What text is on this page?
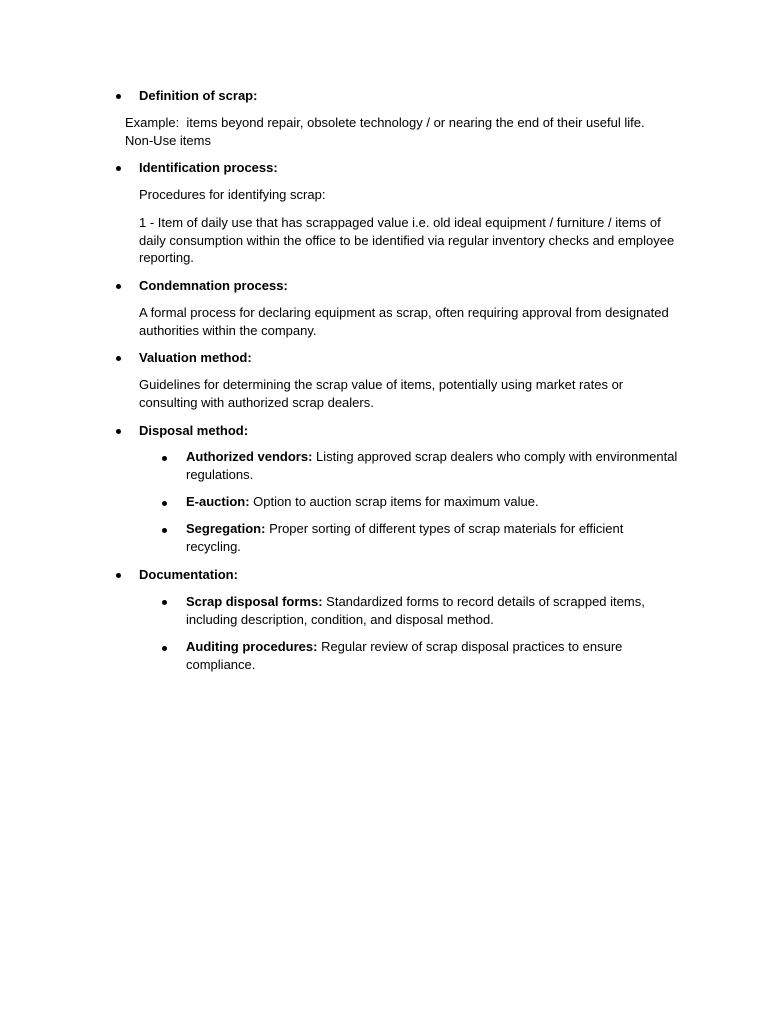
Definition of scrap:
Example:  items beyond repair, obsolete technology / or nearing the end of their useful life. Non-Use items
Identification process:
Procedures for identifying scrap:
1 - Item of daily use that has scrappaged value i.e. old ideal equipment / furniture / items of daily consumption within the office to be identified via regular inventory checks and employee reporting.
Condemnation process:
A formal process for declaring equipment as scrap, often requiring approval from designated authorities within the company.
Valuation method:
Guidelines for determining the scrap value of items, potentially using market rates or consulting with authorized scrap dealers.
Disposal method:
Authorized vendors: Listing approved scrap dealers who comply with environmental regulations.
E-auction: Option to auction scrap items for maximum value.
Segregation: Proper sorting of different types of scrap materials for efficient recycling.
Documentation:
Scrap disposal forms: Standardized forms to record details of scrapped items, including description, condition, and disposal method.
Auditing procedures: Regular review of scrap disposal practices to ensure compliance.
